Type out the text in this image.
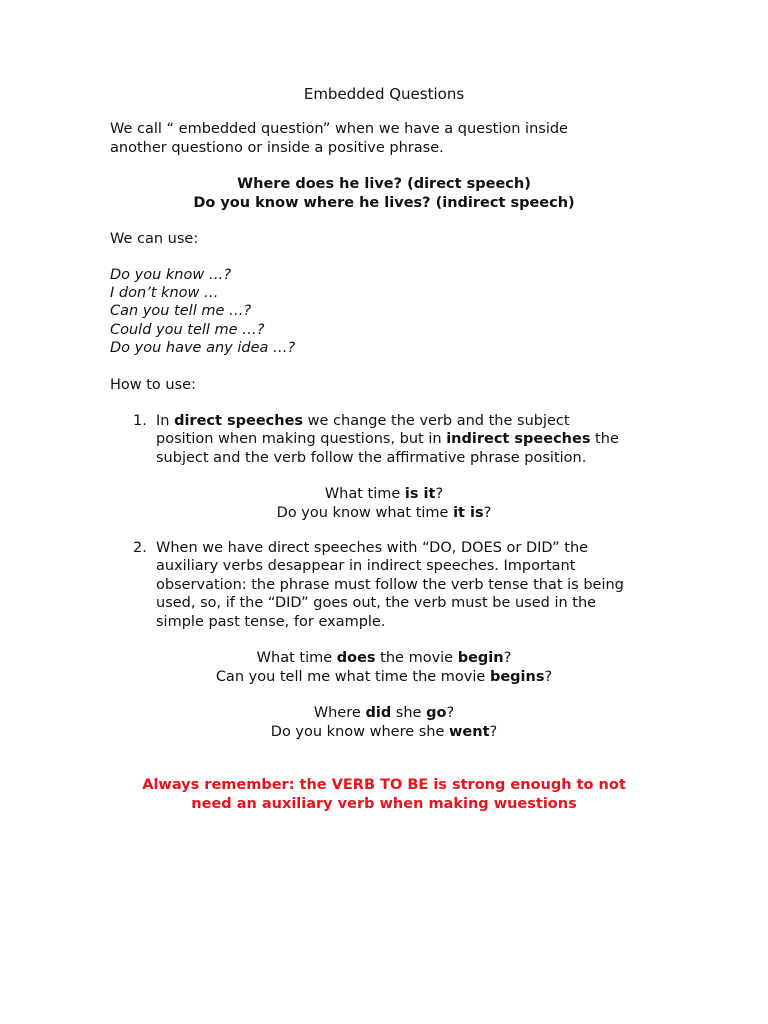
Embedded Questions
We call “ embedded question” when we have a question inside
another questiono or inside a positive phrase.
Where does he live? (direct speech)
Do you know where he lives? (indirect speech)
We can use:
Do you know …?
I don’t know …
Can you tell me …?
Could you tell me …?
Do you have any idea …?
How to use:
1. In direct speeches we change the verb and the subject
position when making questions, but in indirect speeches the
subject and the verb follow the affirmative phrase position.
What time is it?
Do you know what time it is?
2. When we have direct speeches with “DO, DOES or DID” the
auxiliary verbs desappear in indirect speeches. Important
observation: the phrase must follow the verb tense that is being
used, so, if the “DID” goes out, the verb must be used in the
simple past tense, for example.
What time does the movie begin?
Can you tell me what time the movie begins?
Where did she go?
Do you know where she went?
Always remember: the VERB TO BE is strong enough to not
need an auxiliary verb when making wuestions
